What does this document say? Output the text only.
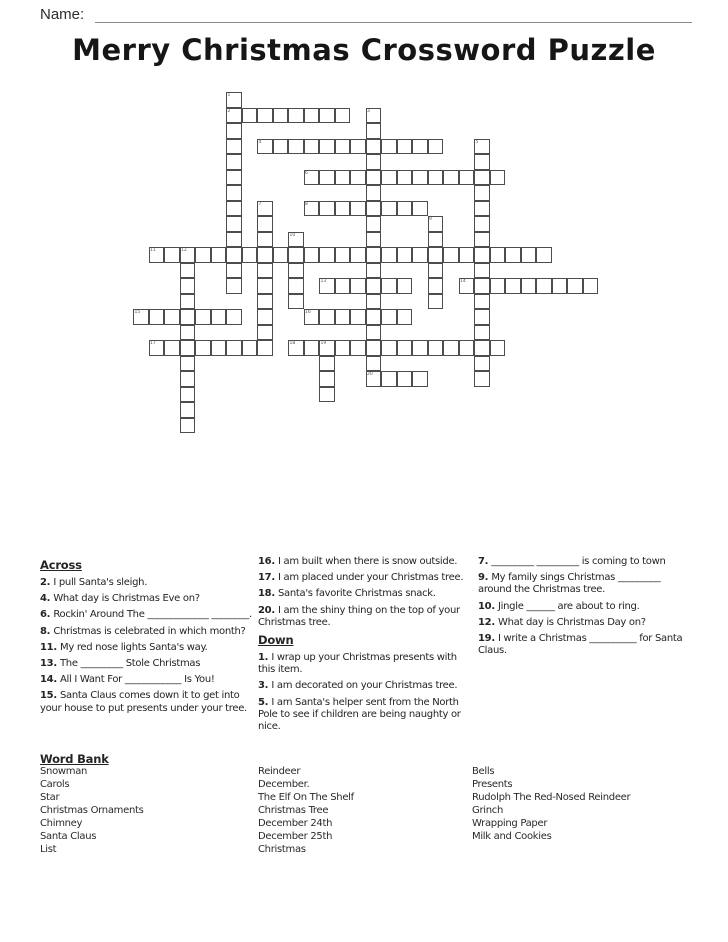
Name:
Merry Christmas Crossword Puzzle
1
2	3
4	5
6
7	8
9
10
11	12
13	14
15	16
17	18	19
20
Across
2. I pull Santa's sleigh.
4. What day is Christmas Eve on?
6. Rockin' Around The _____________ ________.
8. Christmas is celebrated in which month?
11. My red nose lights Santa's way.
13. The _________ Stole Christmas
14. All I Want For ____________ Is You!
15. Santa Claus comes down it to get into your house to put presents under your tree.
16. I am built when there is snow outside.
17. I am placed under your Christmas tree.
18. Santa's favorite Christmas snack.
20. I am the shiny thing on the top of your Christmas tree.
Down
1. I wrap up your Christmas presents with this item.
3. I am decorated on your Christmas tree.
5. I am Santa's helper sent from the North Pole to see if children are being naughty or nice.
7. _________ _________ is coming to town
9. My family sings Christmas _________ around the Christmas tree.
10. Jingle ______ are about to ring.
12. What day is Christmas Day on?
19. I write a Christmas __________ for Santa Claus.
Word Bank
Snowman
Carols
Star
Christmas Ornaments
Chimney
Santa Claus
List
Reindeer
December.
The Elf On The Shelf
Christmas Tree
December 24th
December 25th
Christmas
Bells
Presents
Rudolph The Red-Nosed Reindeer
Grinch
Wrapping Paper
Milk and Cookies
